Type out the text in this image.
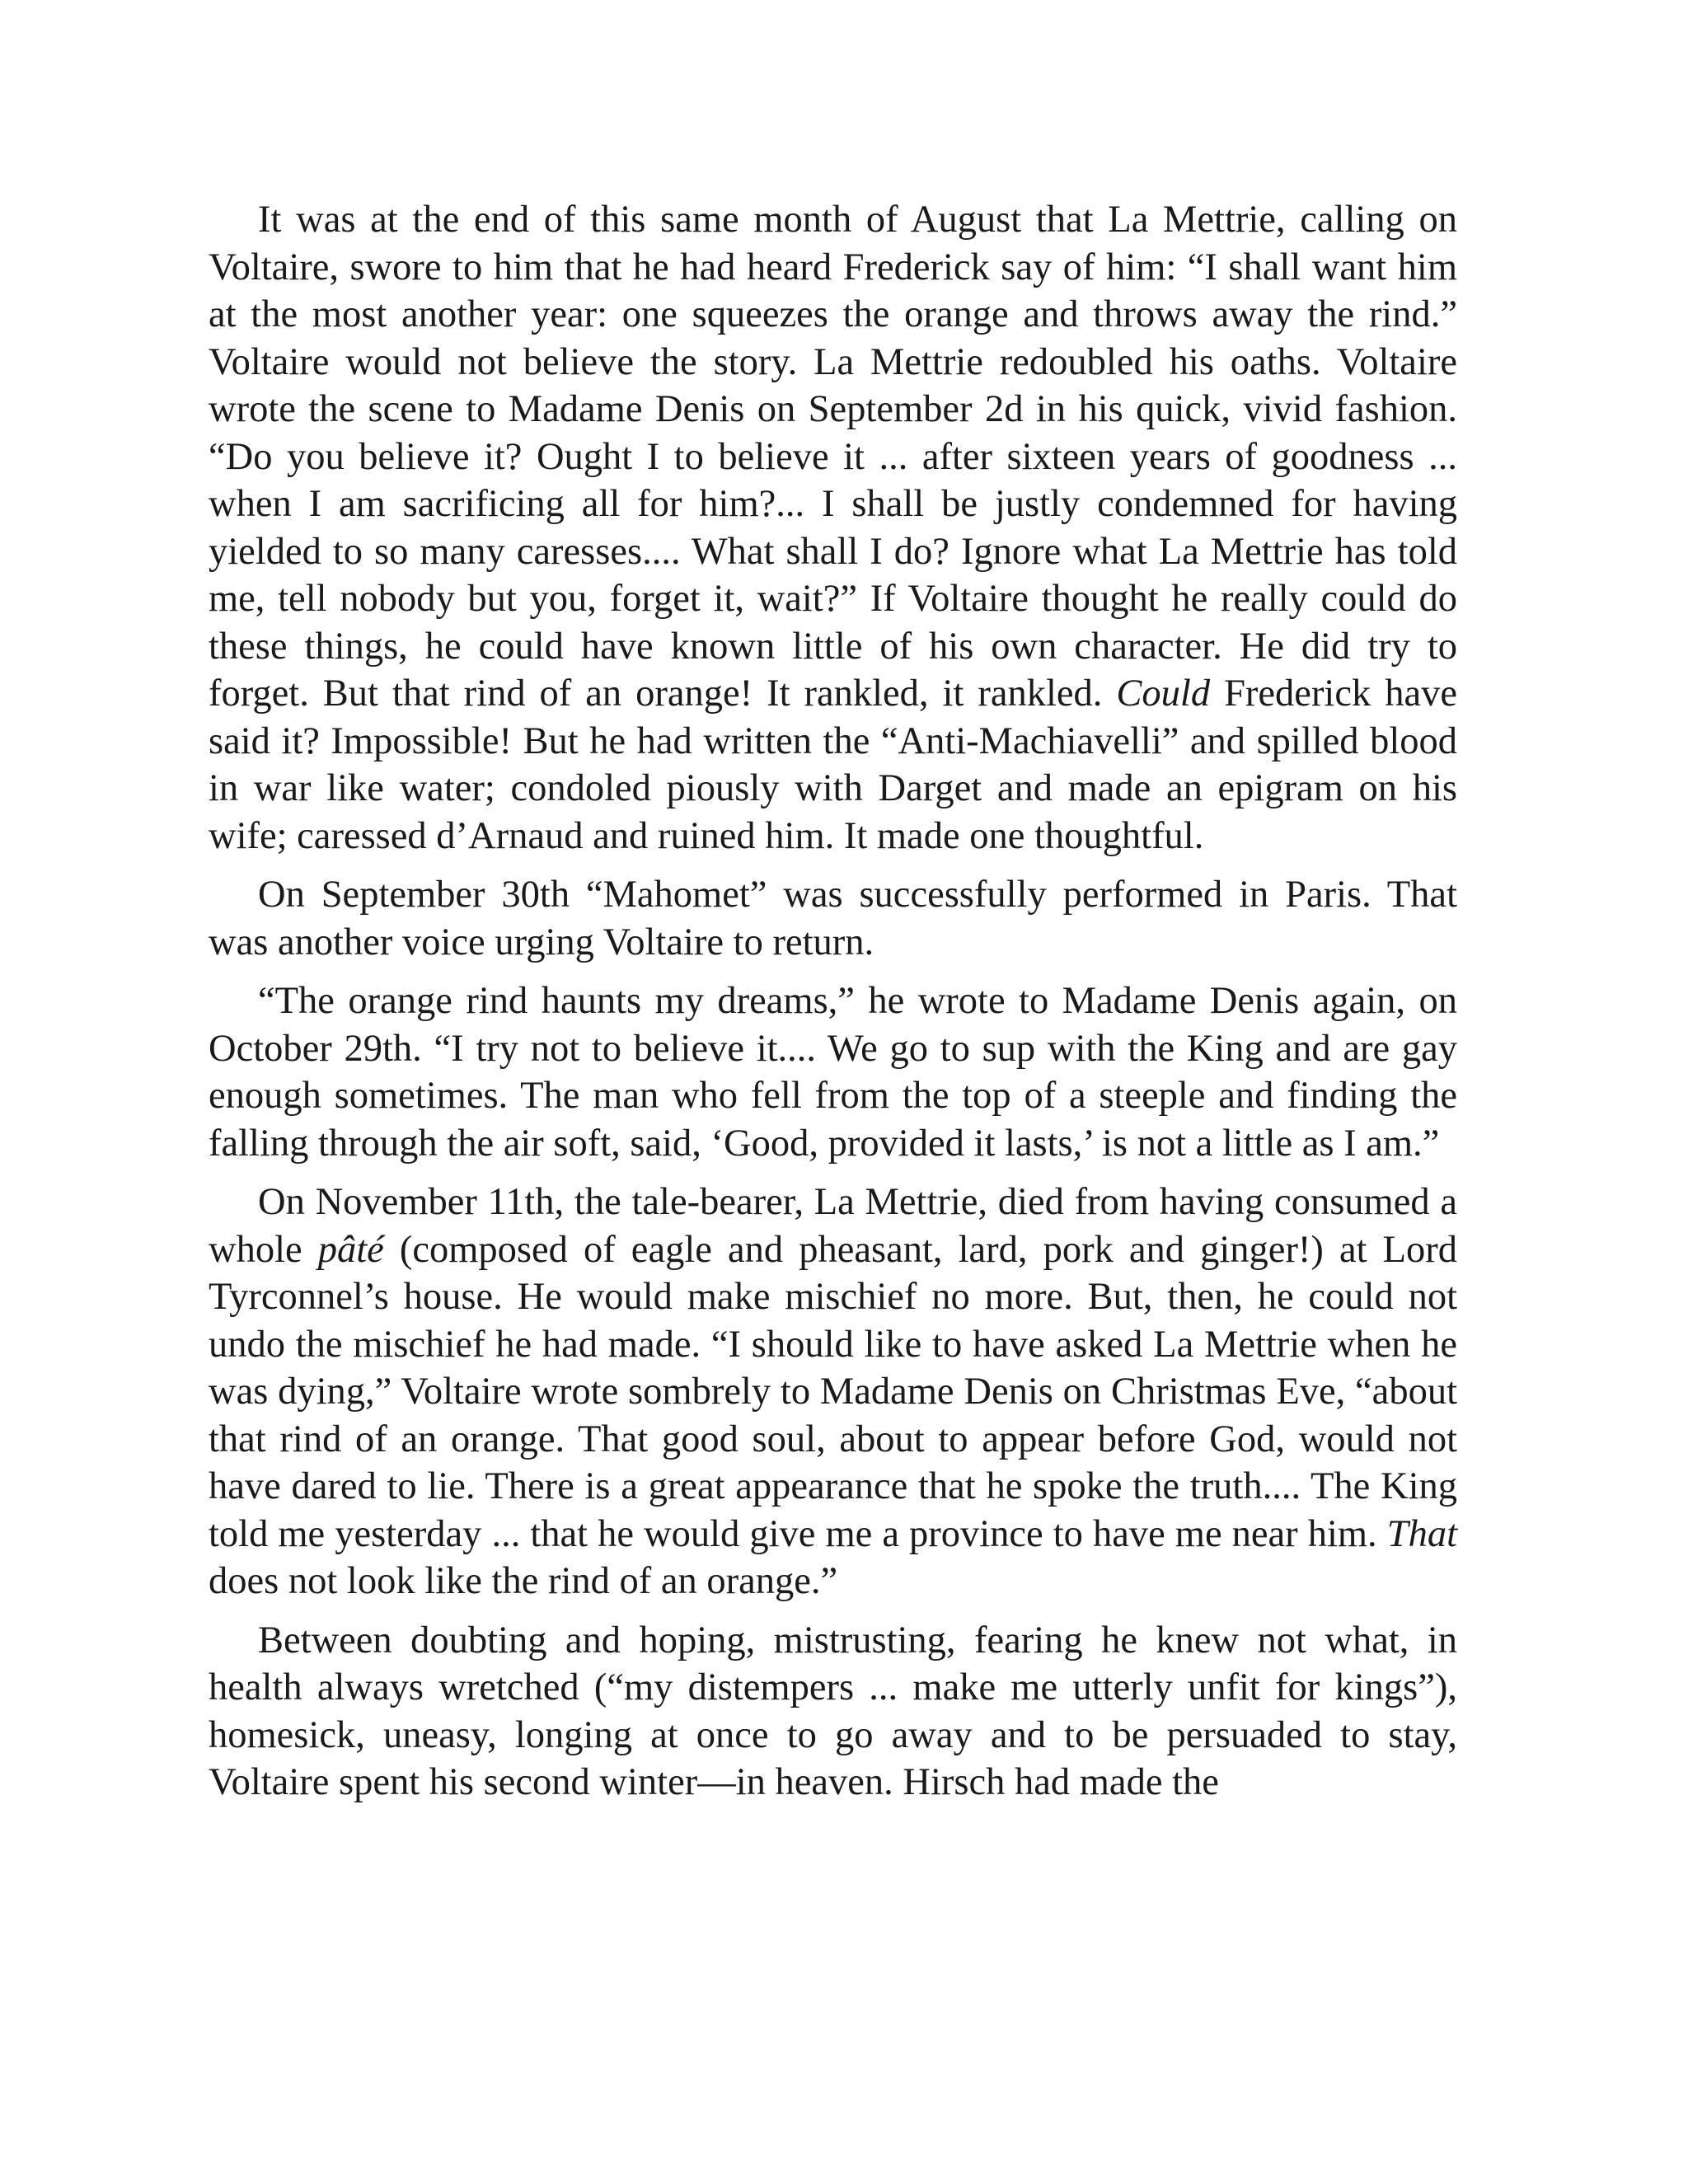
It was at the end of this same month of August that La Mettrie, calling on Voltaire, swore to him that he had heard Frederick say of him: “I shall want him at the most another year: one squeezes the orange and throws away the rind.” Voltaire would not believe the story. La Mettrie redoubled his oaths. Voltaire wrote the scene to Madame Denis on September 2d in his quick, vivid fashion. “Do you believe it? Ought I to believe it ... after sixteen years of goodness ... when I am sacrificing all for him?... I shall be justly condemned for having yielded to so many caresses.... What shall I do? Ignore what La Mettrie has told me, tell nobody but you, forget it, wait?” If Voltaire thought he really could do these things, he could have known little of his own character. He did try to forget. But that rind of an orange! It rankled, it rankled. Could Frederick have said it? Impossible! But he had written the “Anti-Machiavelli” and spilled blood in war like water; condoled piously with Darget and made an epigram on his wife; caressed d’Arnaud and ruined him. It made one thoughtful.

On September 30th “Mahomet” was successfully performed in Paris. That was another voice urging Voltaire to return.

“The orange rind haunts my dreams,” he wrote to Madame Denis again, on October 29th. “I try not to believe it.... We go to sup with the King and are gay enough sometimes. The man who fell from the top of a steeple and finding the falling through the air soft, said, ‘Good, provided it lasts,’ is not a little as I am.”

On November 11th, the tale-bearer, La Mettrie, died from having consumed a whole pâté (composed of eagle and pheasant, lard, pork and ginger!) at Lord Tyrconnel’s house. He would make mischief no more. But, then, he could not undo the mischief he had made. “I should like to have asked La Mettrie when he was dying,” Voltaire wrote sombrely to Madame Denis on Christmas Eve, “about that rind of an orange. That good soul, about to appear before God, would not have dared to lie. There is a great appearance that he spoke the truth.... The King told me yesterday ... that he would give me a province to have me near him. That does not look like the rind of an orange.”

Between doubting and hoping, mistrusting, fearing he knew not what, in health always wretched (“my distempers ... make me utterly unfit for kings”), homesick, uneasy, longing at once to go away and to be persuaded to stay, Voltaire spent his second winter—in heaven. Hirsch had made the
